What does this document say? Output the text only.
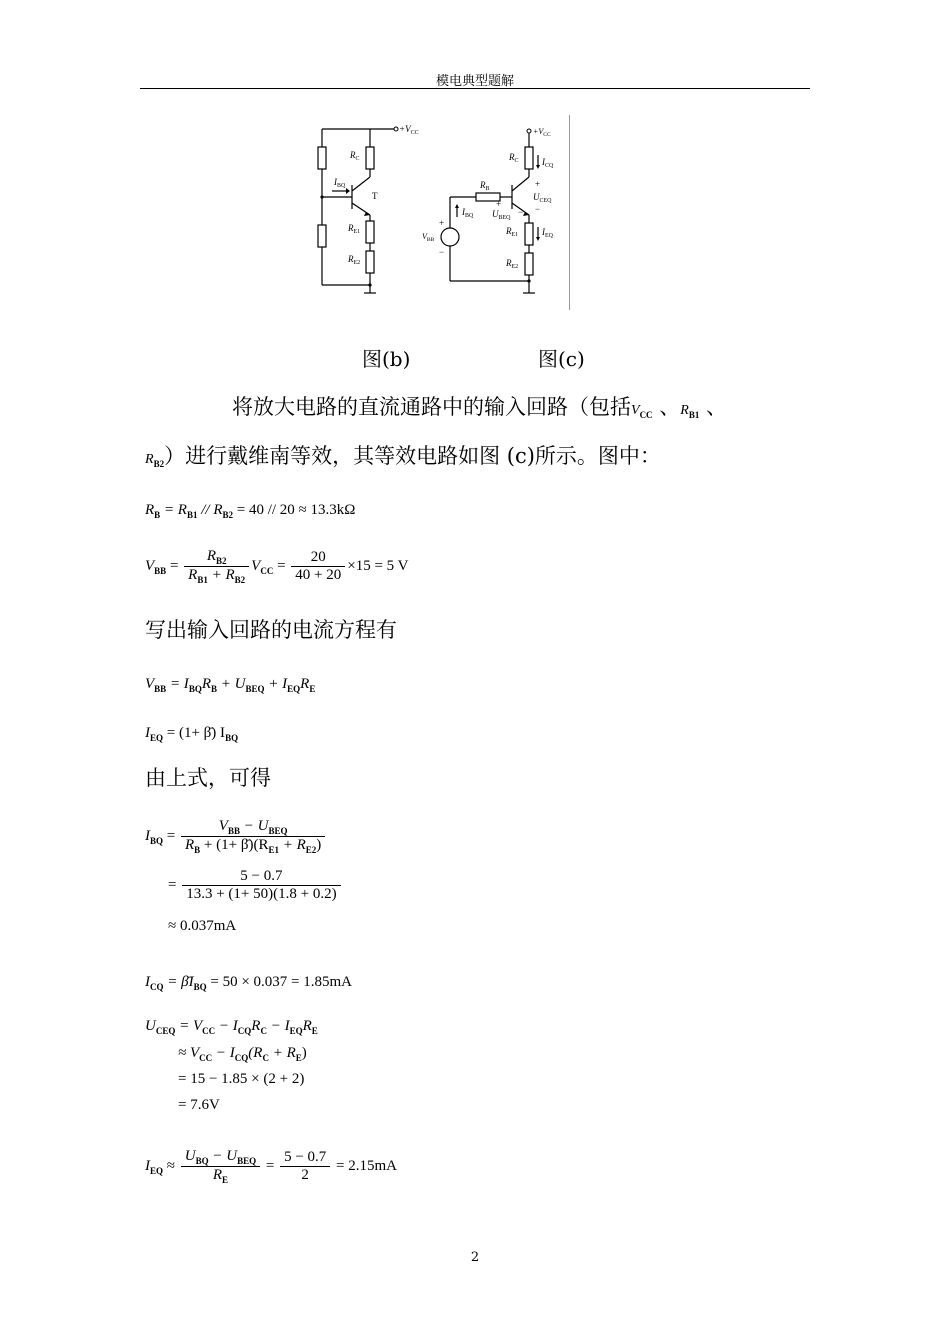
模电典型题解
$+V_{CC}$
$R_C$
$I_{BQ}$
T
$R_{E1}$
$R_{E2}$
$+V_{CC}$
$R_C$	$I_{CQ}$
+
$U_{CEQ}$
−
$R_B$
+
$U_{BEQ}$
−
$I_{BQ}$
$R_{E1}$	$I_{EQ}$
$R_{E2}$
+
$V_{BB}$
−
图(b)	图(c)
将放大电路的直流通路中的输入回路（包括$V_{CC}$ 、$R_{B1}$ 、
$R_{B2}$）进行戴维南等效，其等效电路如图 (c)所示。图中：
$R_B = R_{B1} // R_{B2} = 40 // 20 \approx 13.3k\Omega$
$V_{BB} = \frac{R_{B2}}{R_{B1} + R_{B2}} V_{CC} = \frac{20}{40 + 20} \times 15 = 5$ V
写出输入回路的电流方程有
$V_{BB} = I_{BQ}R_B + U_{BEQ} + I_{EQ}R_E$
$I_{EQ} = (1+$ β̄) $I_{BQ}$
由上式，可得
$I_{BQ} = \frac{V_{BB} - U_{BEQ}}{R_B + (1+ \betā)(R_{E1} + R_{E2})}$
= $\frac{5 - 0.7}{13.3 + (1+ 50)(1.8 + 0.2)}$
≈ 0.037mA
$I_{CQ}$ = $\betāI_{BQ} = 50 \times 0.037 = 1.85mA$
$U_{CEQ} = V_{CC} - I_{CQ}R_C - I_{EQ}R_E$
≈ $V_{CC} - I_{CQ}(R_C + R_E)$
= 15 − 1.85 × (2 + 2)
= 7.6V
$I_{EQ} \approx \frac{U_{BQ} - U_{BEQ}}{R_E} = \frac{5 - 0.7}{2} = 2.15mA$
2
